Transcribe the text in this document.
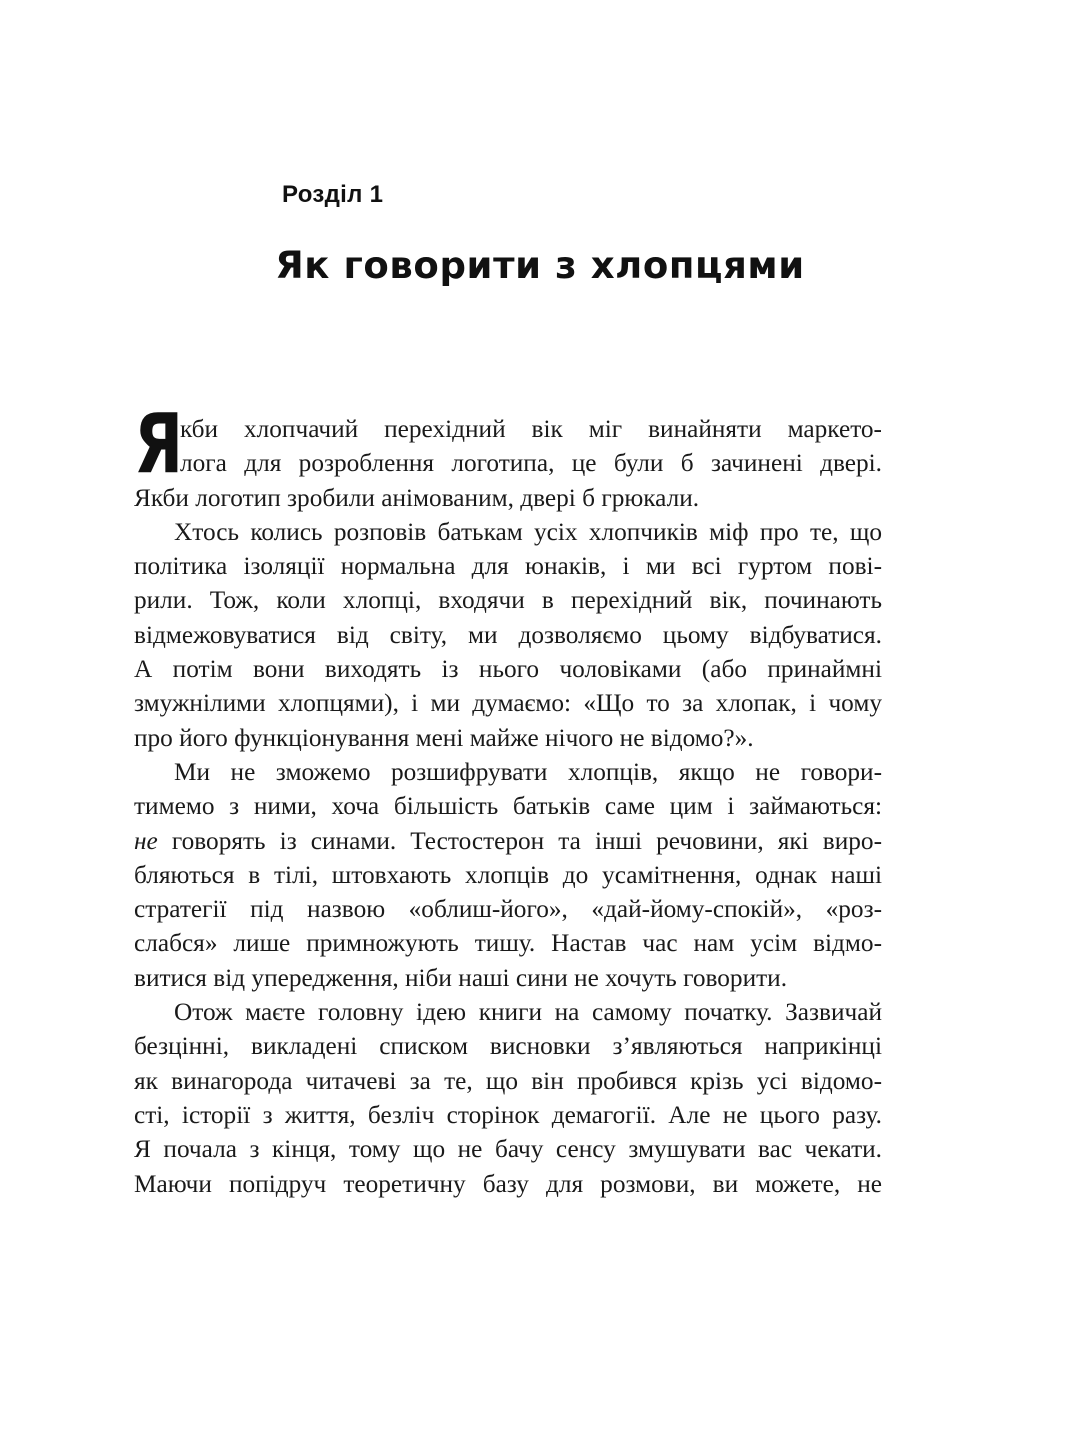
Розділ 1
Як говорити з хлопцями
Я
кби хлопчачий перехідний вік міг винайняти маркето-
лога для розроблення логотипа, це були б зачинені двері.
Якби логотип зробили анімованим, двері б грюкали.
Хтось колись розповів батькам усіх хлопчиків міф про те, що
політика ізоляції нормальна для юнаків, і ми всі гуртом пові-
рили. Тож, коли хлопці, входячи в перехідний вік, починають
відмежовуватися від світу, ми дозволяємо цьому відбуватися.
А потім вони виходять із нього чоловіками (або принаймні
змужнілими хлопцями), і ми думаємо: «Що то за хлопак, і чому
про його функціонування мені майже нічого не відомо?».
Ми не зможемо розшифрувати хлопців, якщо не говори-
тимемо з ними, хоча більшість батьків саме цим і займаються:
не говорять із синами. Тестостерон та інші речовини, які виро-
бляються в тілі, штовхають хлопців до усамітнення, однак наші
стратегії під назвою «облиш-його», «дай-йому-спокій», «роз-
слабся» лише примножують тишу. Настав час нам усім відмо-
витися від упередження, ніби наші сини не хочуть говорити.
Отож маєте головну ідею книги на самому початку. Зазвичай
безцінні, викладені списком висновки з’являються наприкінці
як винагорода читачеві за те, що він пробився крізь усі відомо-
сті, історії з життя, безліч сторінок демагогії. Але не цього разу.
Я почала з кінця, тому що не бачу сенсу змушувати вас чекати.
Маючи попідруч теоретичну базу для розмови, ви можете, не
